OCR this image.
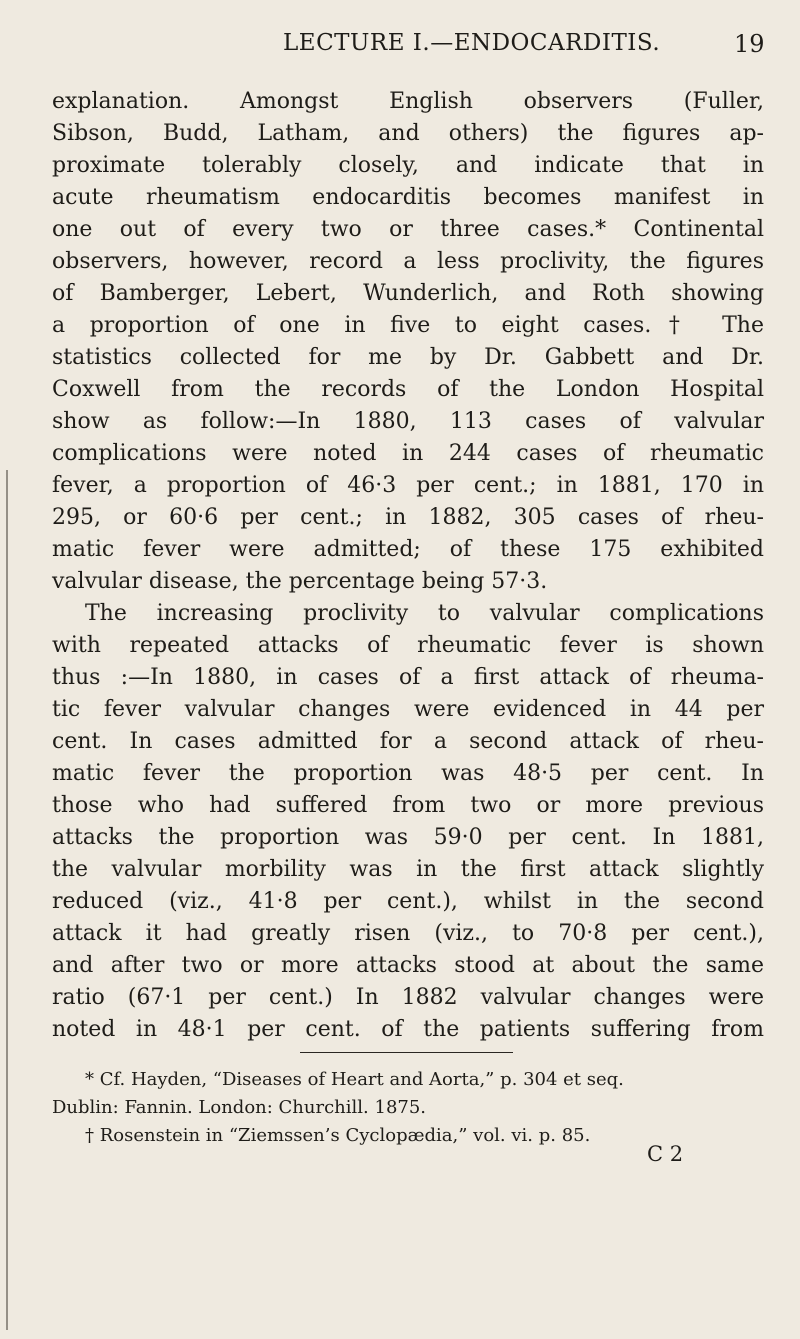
LECTURE I.—ENDOCARDITIS.	19
explanation. Amongst English observers (Fuller,
Sibson, Budd, Latham, and others) the figures ap-
proximate tolerably closely, and indicate that in
acute rheumatism endocarditis becomes manifest in
one out of every two or three cases.* Continental
observers, however, record a less proclivity, the figures
of Bamberger, Lebert, Wunderlich, and Roth showing
a proportion of one in five to eight cases.† The
statistics collected for me by Dr. Gabbett and Dr.
Coxwell from the records of the London Hospital
show as follow:—In 1880, 113 cases of valvular
complications were noted in 244 cases of rheumatic
fever, a proportion of 46·3 per cent.; in 1881, 170 in
295, or 60·6 per cent.; in 1882, 305 cases of rheu-
matic fever were admitted; of these 175 exhibited
valvular disease, the percentage being 57·3.
The increasing proclivity to valvular complications
with repeated attacks of rheumatic fever is shown
thus :—In 1880, in cases of a first attack of rheuma-
tic fever valvular changes were evidenced in 44 per
cent. In cases admitted for a second attack of rheu-
matic fever the proportion was 48·5 per cent. In
those who had suffered from two or more previous
attacks the proportion was 59·0 per cent. In 1881,
the valvular morbility was in the first attack slightly
reduced (viz., 41·8 per cent.), whilst in the second
attack it had greatly risen (viz., to 70·8 per cent.),
and after two or more attacks stood at about the same
ratio (67·1 per cent.) In 1882 valvular changes were
noted in 48·1 per cent. of the patients suffering from
* Cf. Hayden, “Diseases of Heart and Aorta,” p. 304 et seq.
Dublin: Fannin. London: Churchill. 1875.
† Rosenstein in “Ziemssen’s Cyclopædia,” vol. vi. p. 85.
C 2
